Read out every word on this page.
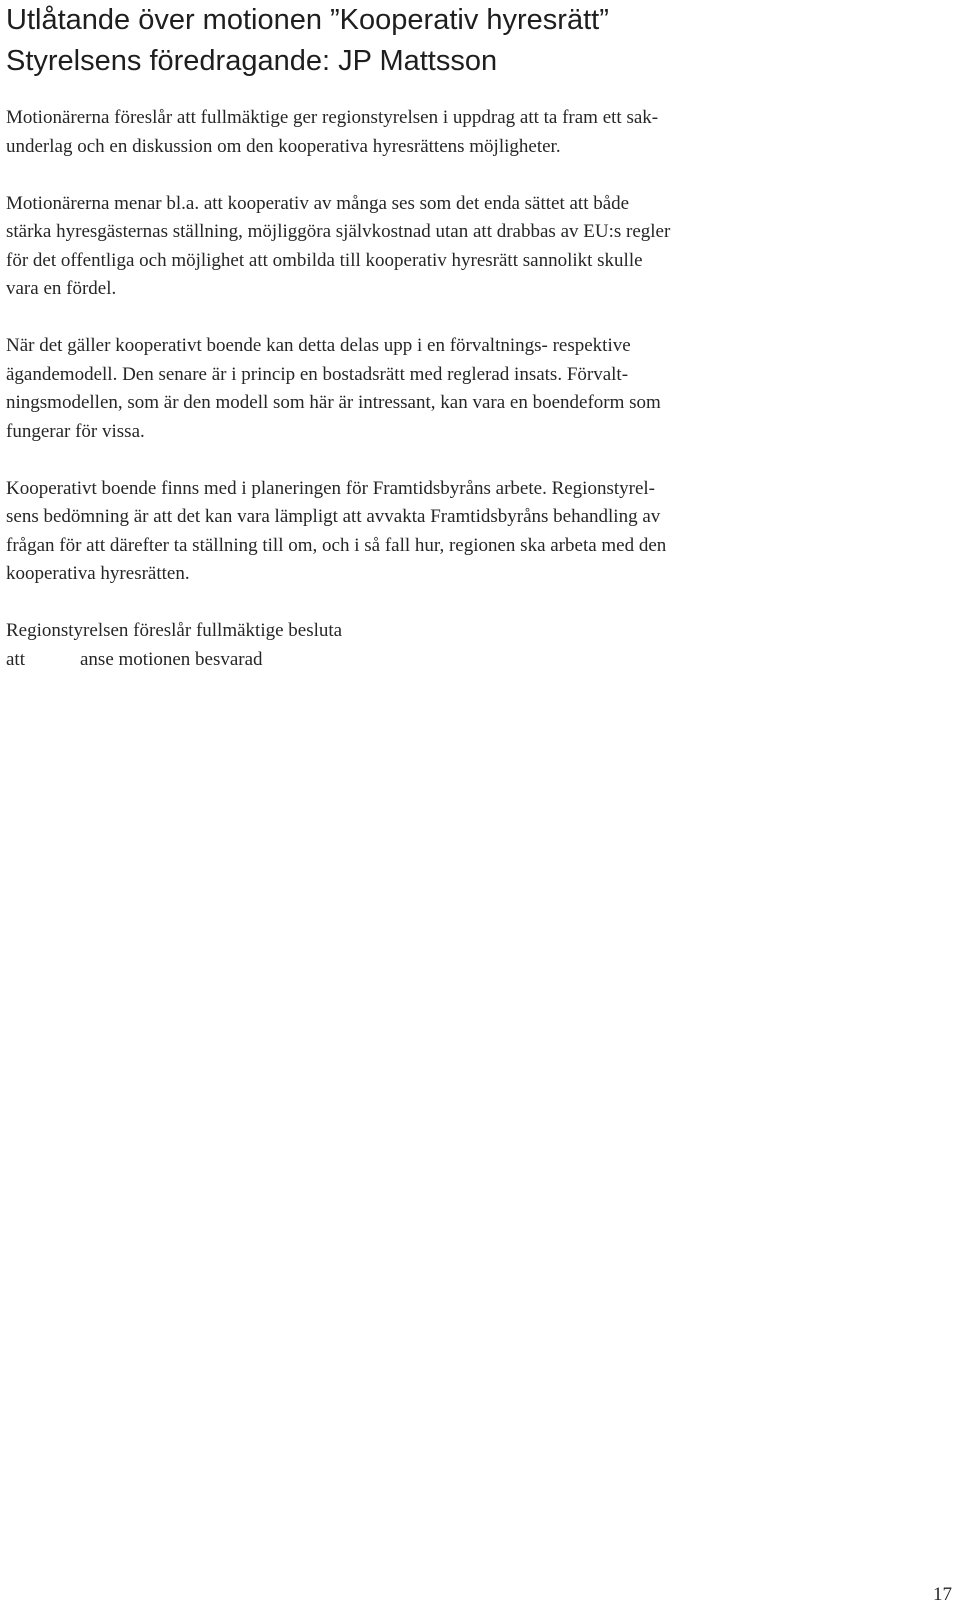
Utlåtande över motionen ”Kooperativ hyresrätt”
Styrelsens föredragande: JP Mattsson
Motionärerna föreslår att fullmäktige ger regionstyrelsen i uppdrag att ta fram ett sak-
underlag och en diskussion om den kooperativa hyresrättens möjligheter.
Motionärerna menar bl.a. att kooperativ av många ses som det enda sättet att både
stärka hyresgästernas ställning, möjliggöra självkostnad utan att drabbas av EU:s regler
för det offentliga och möjlighet att ombilda till kooperativ hyresrätt sannolikt skulle
vara en fördel.
När det gäller kooperativt boende kan detta delas upp i en förvaltnings- respektive
ägandemodell. Den senare är i princip en bostadsrätt med reglerad insats. Förvalt-
ningsmodellen, som är den modell som här är intressant, kan vara en boendeform som
fungerar för vissa.
Kooperativt boende finns med i planeringen för Framtidsbyråns arbete. Regionstyrel-
sens bedömning är att det kan vara lämpligt att avvakta Framtidsbyråns behandling av
frågan för att därefter ta ställning till om, och i så fall hur, regionen ska arbeta med den
kooperativa hyresrätten.
Regionstyrelsen föreslår fullmäktige besluta
att	anse motionen besvarad
17
